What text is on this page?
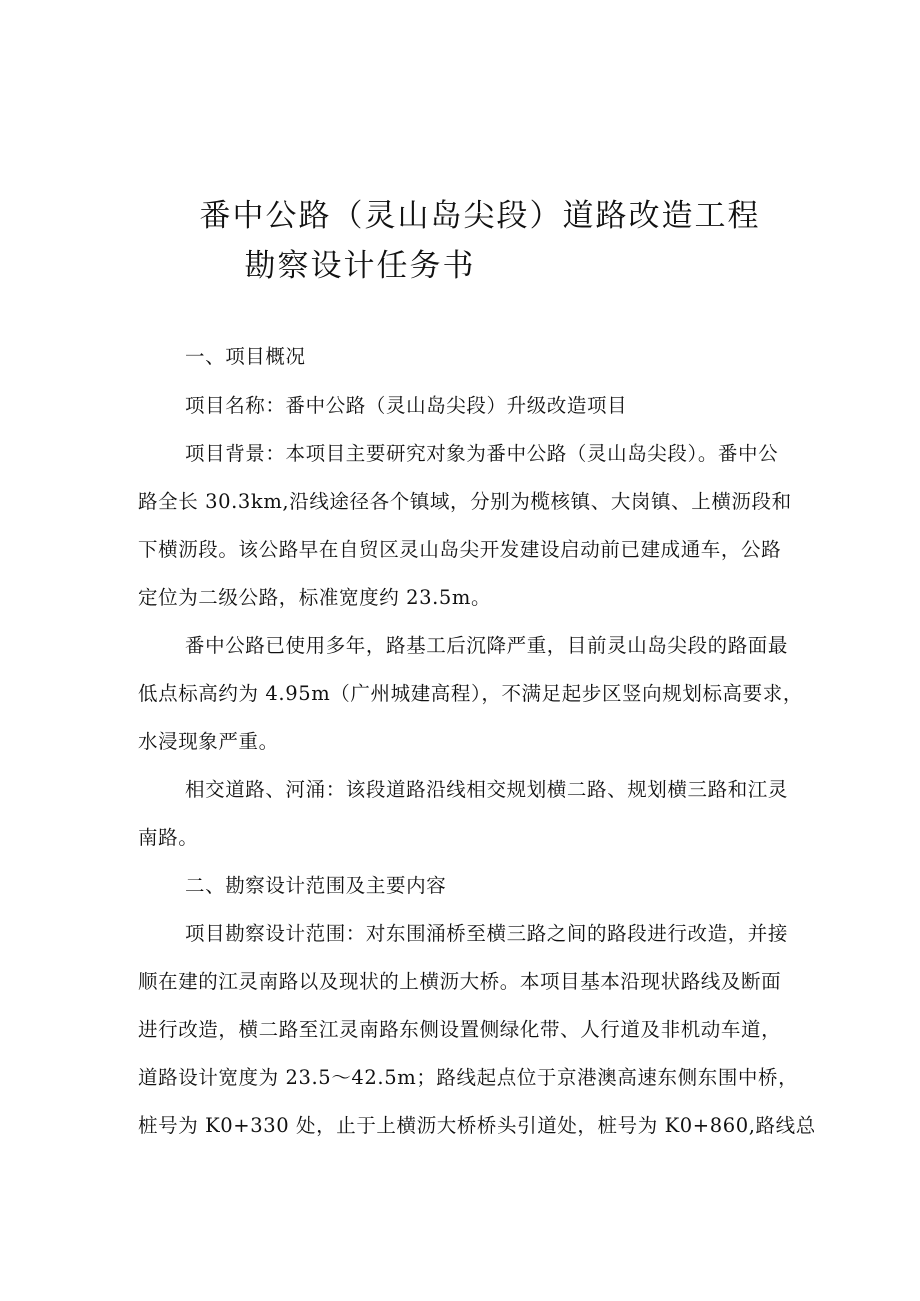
番中公路（灵山岛尖段）道路改造工程
勘察设计任务书
一、项目概况
项目名称：番中公路（灵山岛尖段）升级改造项目
项目背景：本项目主要研究对象为番中公路（灵山岛尖段）。番中公
路全长 30.3km,沿线途径各个镇域，分别为榄核镇、大岗镇、上横沥段和
下横沥段。该公路早在自贸区灵山岛尖开发建设启动前已建成通车，公路
定位为二级公路，标准宽度约 23.5m。
番中公路已使用多年，路基工后沉降严重，目前灵山岛尖段的路面最
低点标高约为 4.95m（广州城建高程），不满足起步区竖向规划标高要求，
水浸现象严重。
相交道路、河涌：该段道路沿线相交规划横二路、规划横三路和江灵
南路。
二、勘察设计范围及主要内容
项目勘察设计范围：对东围涌桥至横三路之间的路段进行改造，并接
顺在建的江灵南路以及现状的上横沥大桥。本项目基本沿现状路线及断面
进行改造，横二路至江灵南路东侧设置侧绿化带、人行道及非机动车道，
道路设计宽度为 23.5～42.5m；路线起点位于京港澳高速东侧东围中桥，
桩号为 K0+330 处，止于上横沥大桥桥头引道处，桩号为 K0+860,路线总
